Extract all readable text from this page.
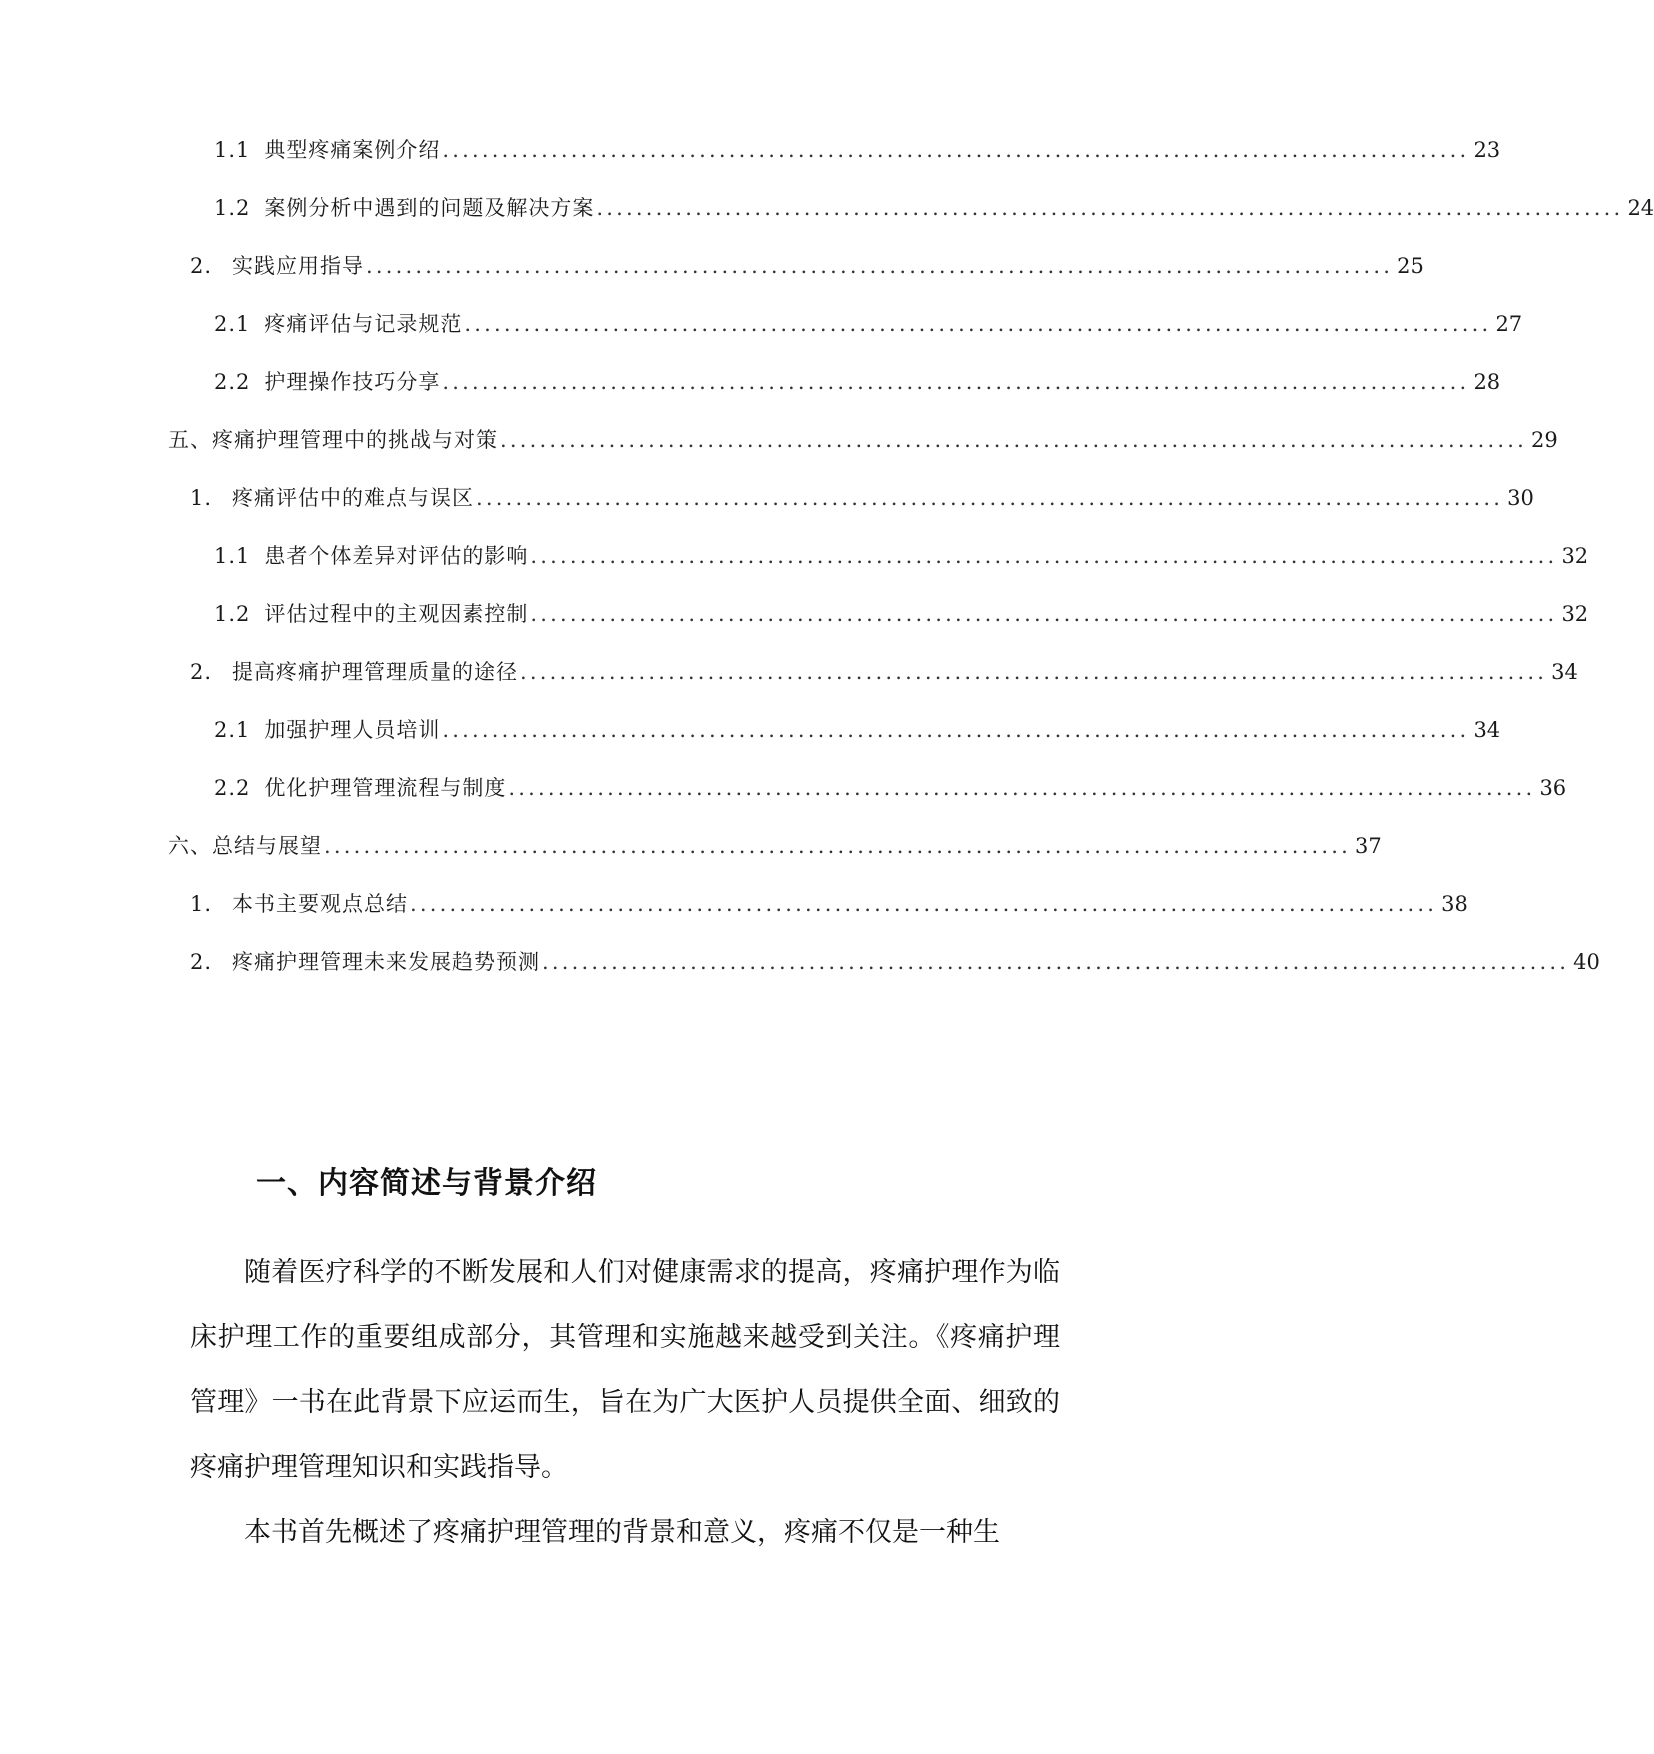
1.1 典型疼痛案例介绍 ........................................................................................................ 23
1.2 案例分析中遇到的问题及解决方案 ........................................................................................................ 24
2. 实践应用指导 ........................................................................................................ 25
2.1 疼痛评估与记录规范 ........................................................................................................ 27
2.2 护理操作技巧分享 ........................................................................................................ 28
五、疼痛护理管理中的挑战与对策 ........................................................................................................ 29
1. 疼痛评估中的难点与误区 ........................................................................................................ 30
1.1 患者个体差异对评估的影响 ........................................................................................................ 32
1.2 评估过程中的主观因素控制 ........................................................................................................ 32
2. 提高疼痛护理管理质量的途径 ........................................................................................................ 34
2.1 加强护理人员培训 ........................................................................................................ 34
2.2 优化护理管理流程与制度 ........................................................................................................ 36
六、总结与展望 ........................................................................................................ 37
1. 本书主要观点总结 ........................................................................................................ 38
2. 疼痛护理管理未来发展趋势预测 ........................................................................................................ 40
一、内容简述与背景介绍

随着医疗科学的不断发展和人们对健康需求的提高，疼痛护理作为临床护理工作的重要组成部分，其管理和实施越来越受到关注。《疼痛护理管理》一书在此背景下应运而生，旨在为广大医护人员提供全面、细致的疼痛护理管理知识和实践指导。

本书首先概述了疼痛护理管理的背景和意义，疼痛不仅是一种生
